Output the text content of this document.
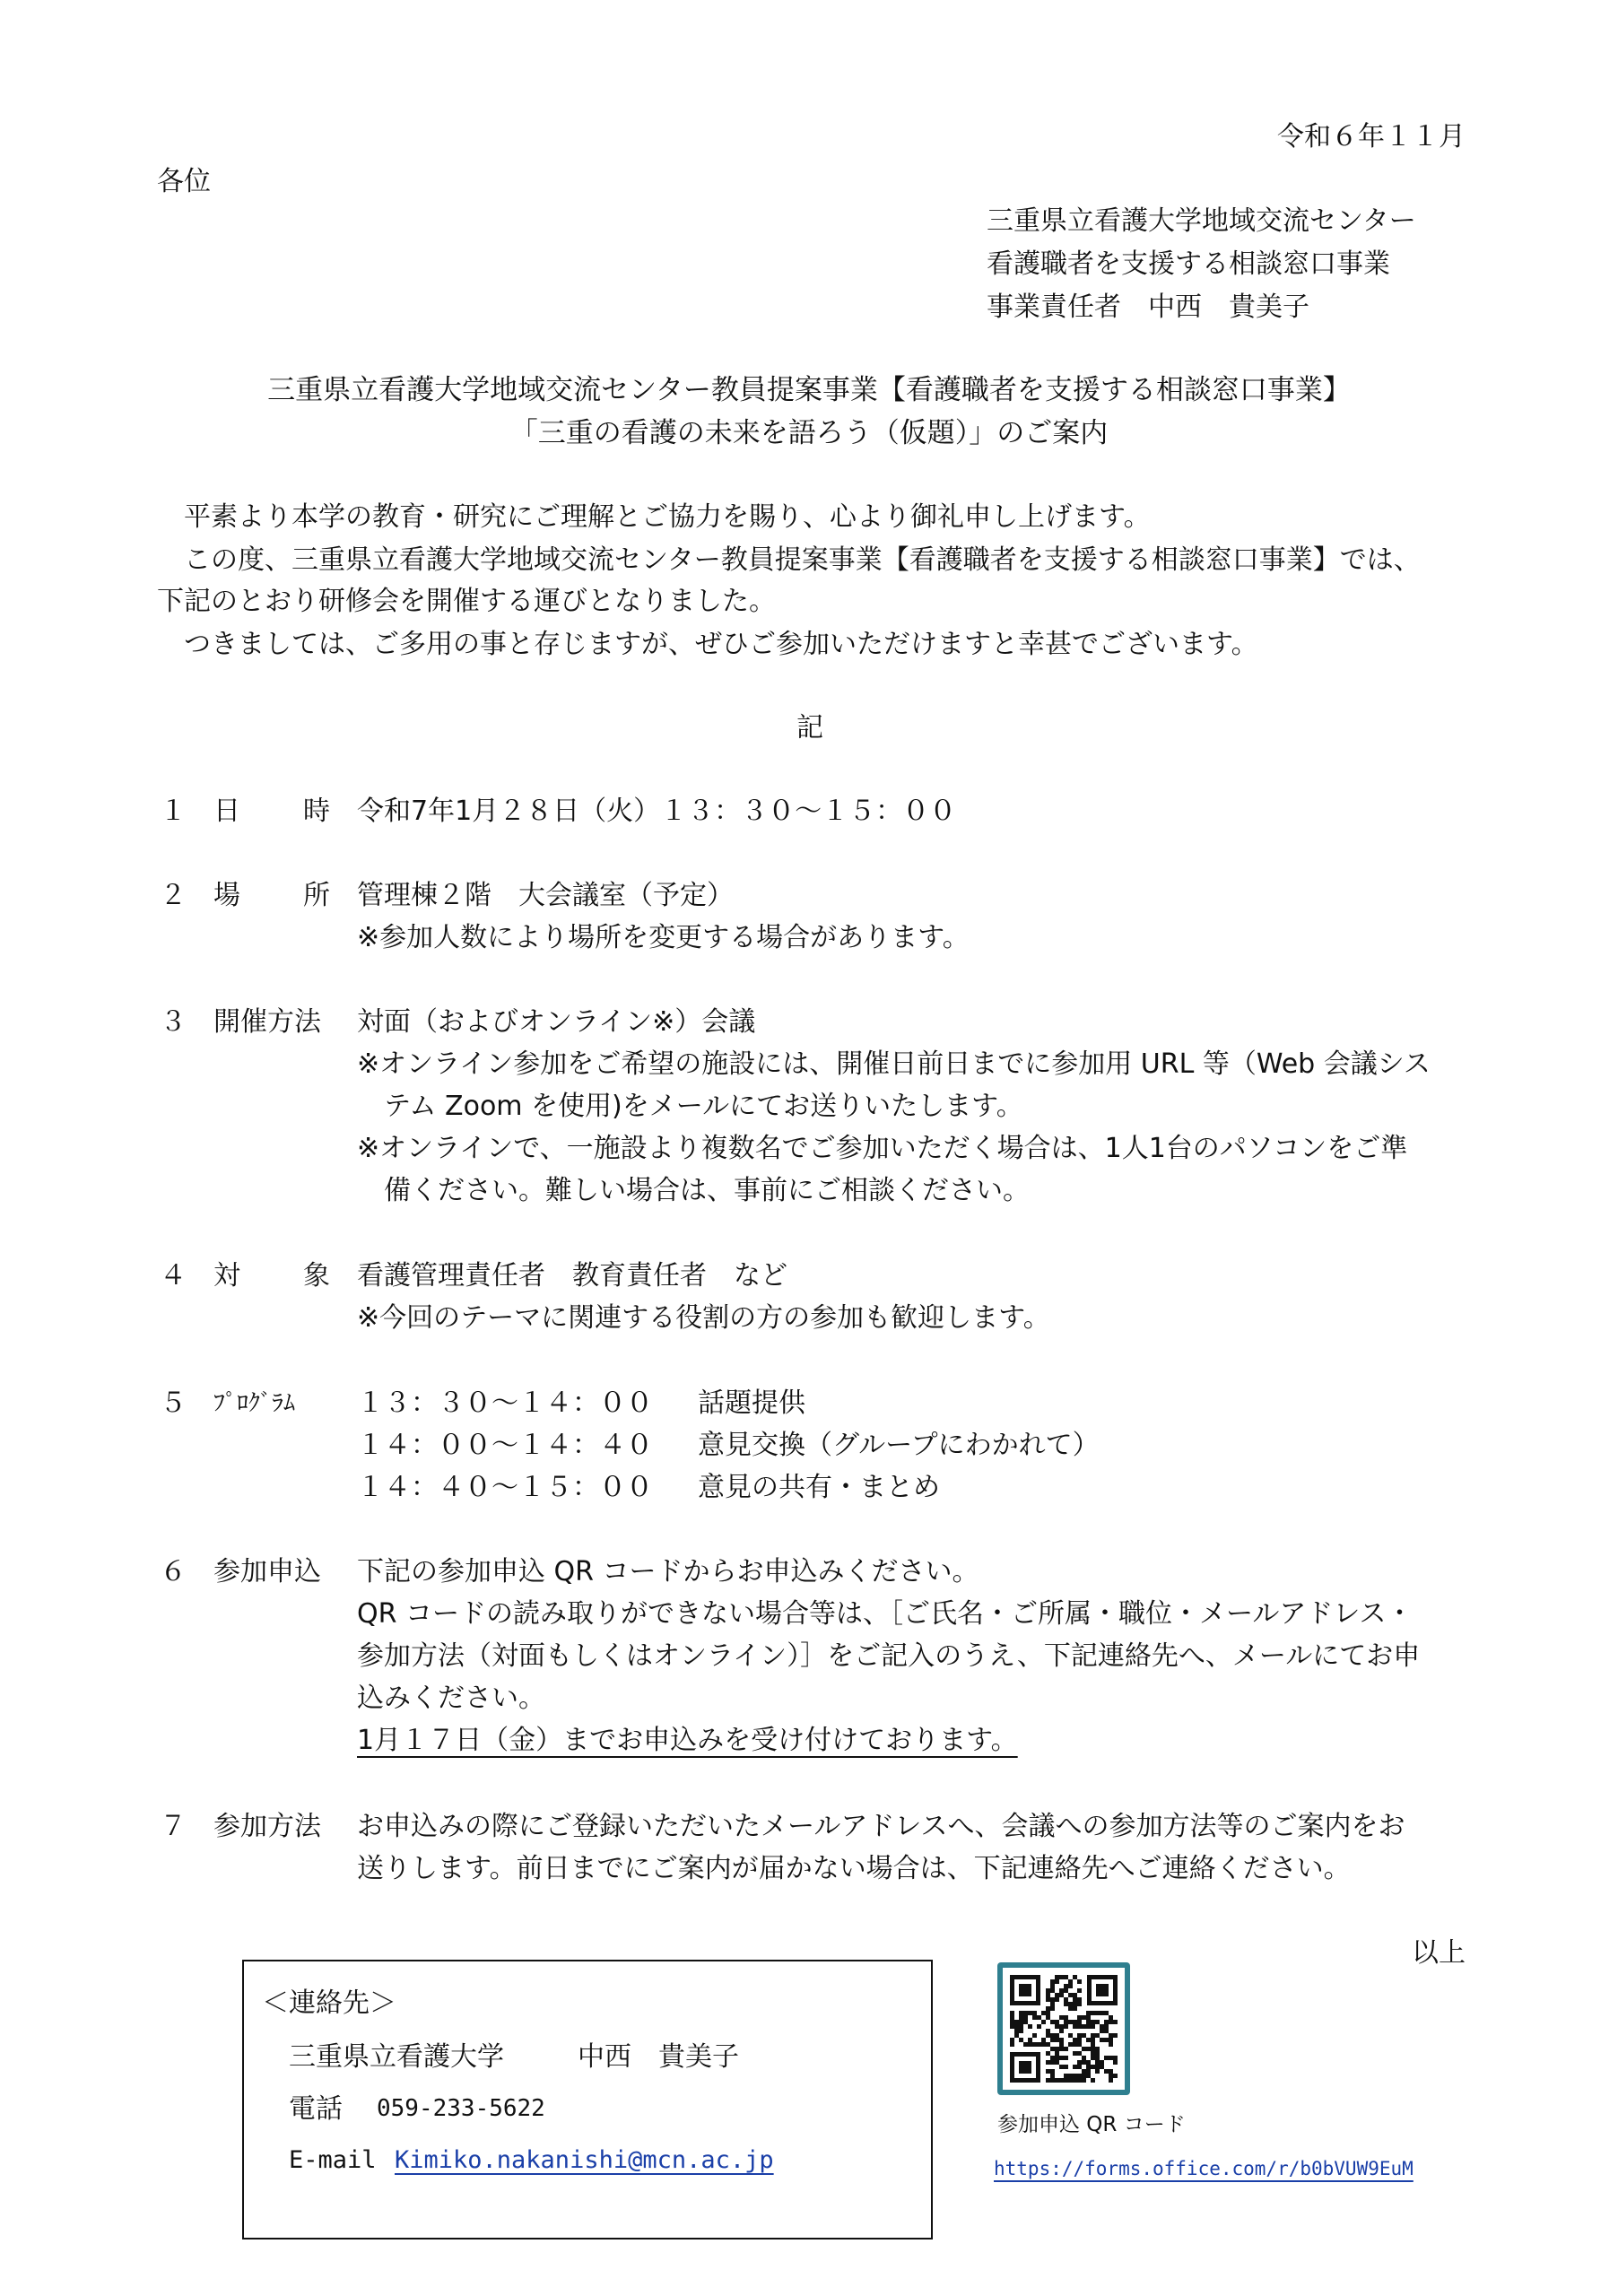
令和６年１１月
各位
三重県立看護大学地域交流センター
看護職者を支援する相談窓口事業
事業責任者　中西　貴美子
三重県立看護大学地域交流センター教員提案事業【看護職者を支援する相談窓口事業】
「三重の看護の未来を語ろう（仮題）」のご案内
平素より本学の教育・研究にご理解とご協力を賜り、心より御礼申し上げます。
この度、三重県立看護大学地域交流センター教員提案事業【看護職者を支援する相談窓口事業】では、
下記のとおり研修会を開催する運びとなりました。
つきましては、ご多用の事と存じますが、ぜひご参加いただけますと幸甚でございます。
記
１ 日 時 令和7年1月２８日（火）１３：３０～１５：００
２ 場 所 管理棟２階　大会議室（予定）
※参加人数により場所を変更する場合があります。
３ 開催方法 対面（およびオンライン※）会議
※オンライン参加をご希望の施設には、開催日前日までに参加用 URL 等（Web 会議シス
テム Zoom を使用)をメールにてお送りいたします。
※オンラインで、一施設より複数名でご参加いただく場合は、1人1台のパソコンをご準
備ください。難しい場合は、事前にご相談ください。
４ 対 象 看護管理責任者　教育責任者　など
※今回のテーマに関連する役割の方の参加も歓迎します。
５ ﾌﾟﾛｸﾞﾗﾑ １３：３０～１４：００ 話題提供
１４：００～１４：４０ 意見交換（グループにわかれて）
１４：４０～１５：００ 意見の共有・まとめ
６ 参加申込 下記の参加申込 QR コードからお申込みください。
QR コードの読み取りができない場合等は、［ご氏名・ご所属・職位・メールアドレス・
参加方法（対面もしくはオンライン）］をご記入のうえ、下記連絡先へ、メールにてお申
込みください。
1月１７日（金）までお申込みを受け付けております。
７ 参加方法 お申込みの際にご登録いただいたメールアドレスへ、会議への参加方法等のご案内をお
送りします。前日までにご案内が届かない場合は、下記連絡先へご連絡ください。
以上
＜連絡先＞
三重県立看護大学	中西　貴美子
電話 059-233-5622
E-mail Kimiko.nakanishi@mcn.ac.jp
参加申込 QR コード
https://forms.office.com/r/b0bVUW9EuM
